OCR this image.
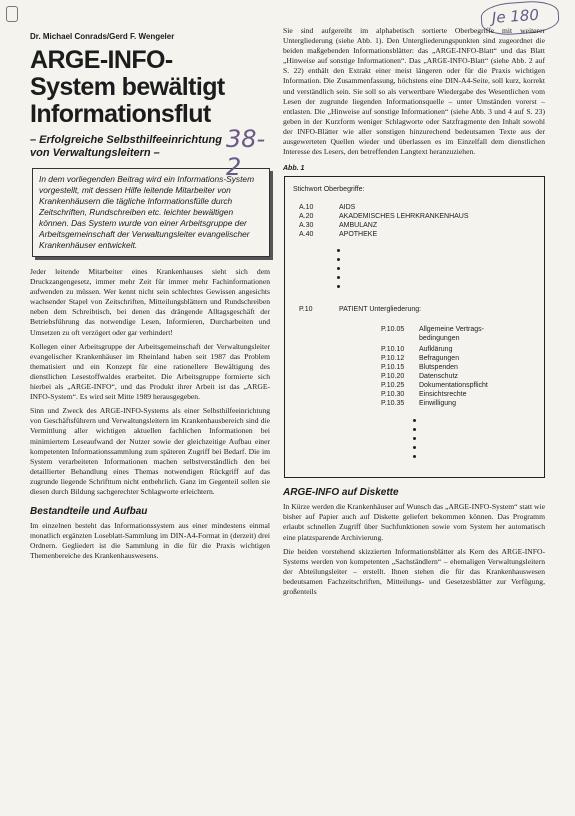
Je 180
Dr. Michael Conrads/Gerd F. Wengeler
ARGE-INFO-
System bewältigt
Informationsflut
38-2
– Erfolgreiche Selbsthilfeeinrichtung
von Verwaltungsleitern –
In dem vorliegenden Beitrag wird ein Informations-System vorgestellt, mit dessen Hilfe leitende Mitarbeiter von Krankenhäusern die tägliche Informationsfülle durch Zeitschriften, Rundschreiben etc. leichter bewältigen können. Das System wurde von einer Arbeitsgruppe der Arbeitsgemeinschaft der Verwaltungsleiter evangelischer Krankenhäuser entwickelt.

Jeder leitende Mitarbeiter eines Krankenhauses sieht sich dem Druckzangengesetz, immer mehr Zeit für immer mehr Fachinformationen aufwenden zu müssen. Wer kennt nicht sein schlechtes Gewissen angesichts wachsender Stapel von Zeitschriften, Mitteilungsblättern und Rundschreiben neben dem Schreibtisch, bei denen das drängende Alltagsgeschäft der Betriebsführung das notwendige Lesen, Informieren, Durcharbeiten und Umsetzen zu oft verzögert oder gar verhindert!

Kollegen einer Arbeitsgruppe der Arbeitsgemeinschaft der Verwaltungsleiter evangelischer Krankenhäuser im Rheinland haben seit 1987 das Problem thematisiert und ein Konzept für eine rationellere Bewältigung des dienstlichen Lesestoffwaldes erarbeitet. Die Arbeitsgruppe formierte sich hierbei als „ARGE-INFO“, und das Produkt ihrer Arbeit ist das „ARGE-INFO-System“. Es wird seit Mitte 1989 herausgegeben.

Sinn und Zweck des ARGE-INFO-Systems als einer Selbsthilfeeinrichtung von Geschäftsführern und Verwaltungsleitern im Krankenhausbereich sind die Vermittlung aller wichtigen aktuellen fachlichen Informationen bei minimiertem Leseaufwand der Nutzer sowie der gleichzeitige Aufbau einer kompetenten Informationssammlung zum späteren Zugriff bei Bedarf. Die im System verarbeiteten Informationen machen selbstverständlich den bei detaillierter Behandlung eines Themas notwendigen Rückgriff auf das zugrunde liegende Schrifttum nicht entbehrlich. Ganz im Gegenteil sollen sie diesen durch Bildung sachgerechter Schlagworte erleichtern.

Bestandteile und Aufbau

Im einzelnen besteht das Informationssystem aus einer mindestens einmal monatlich ergänzten Loseblatt-Sammlung im DIN-A4-Format in (derzeit) drei Ordnern. Gegliedert ist die Sammlung in die für die Praxis wichtigen Themenbereiche des Krankenhauswesens.

Sie sind aufgereiht im alphabetisch sortierte Oberbegriffe mit weiterer Untergliederung (siehe Abb. 1). Den Untergliederungspunkten sind zugeordnet die beiden maßgebenden Informationsblätter: das „ARGE-INFO-Blatt“ und das Blatt „Hinweise auf sonstige Informationen“. Das „ARGE-INFO-Blatt“ (siehe Abb. 2 auf S. 22) enthält den Extrakt einer meist längeren oder für die Praxis wichtigen Information. Die Zusammenfassung, höchstens eine DIN-A4-Seite, soll kurz, korrekt und verständlich sein. Sie soll so als verwertbare Wiedergabe des Wesentlichen vom Lesen der zugrunde liegenden Informationsquelle – unter Umständen vorerst – entlasten. Die „Hinweise auf sonstige Informationen“ (siehe Abb. 3 und 4 auf S. 23) geben in der Kurzform weniger Schlagworte oder Satzfragmente den Inhalt sowohl der INFO-Blätter wie aller sonstigen hinzurechend bedeutsamen Texte aus der ausgewerteten Quellen wieder und überlassen es im Einzelfall dem dienstlichen Interesse des Lesers, den betreffenden Langtext heranzuziehen.

Abb. 1
Stichwort Oberbegriffe:
A.10	AIDS
A.20	AKADEMISCHES LEHRKRANKENHAUS
A.30	AMBULANZ
A.40	APOTHEKE
P.10	PATIENT Untergliederung:
P.10.05 Allgemeine Vertrags-
bedingungen
P.10.10 Aufklärung
P.10.12 Befragungen
P.10.15 Blutspenden
P.10.20 Datenschutz
P.10.25 Dokumentationspflicht
P.10.30 Einsichtsrechte
P.10.35 Einwilligung
ARGE-INFO auf Diskette

In Kürze werden die Krankenhäuser auf Wunsch das „ARGE-INFO-System“ statt wie bisher auf Papier auch auf Diskette geliefert bekommen können. Das Programm erlaubt schnellen Zugriff über Suchfunktionen sowie vom System her automatisch eine platzsparende Archivierung.

Die beiden vorstehend skizzierten Informationsblätter als Kern des ARGE-INFO-Systems werden von kompetenten „Sachständlern“ – ehemaligen Verwaltungsleitern der Abteilungsleiter – erstellt. Ihnen stehen die für das Krankenhauswesen bedeutsamen Fachzeitschriften, Mitteilungs- und Gesetzesblätter zur Verfügung, großenteils
